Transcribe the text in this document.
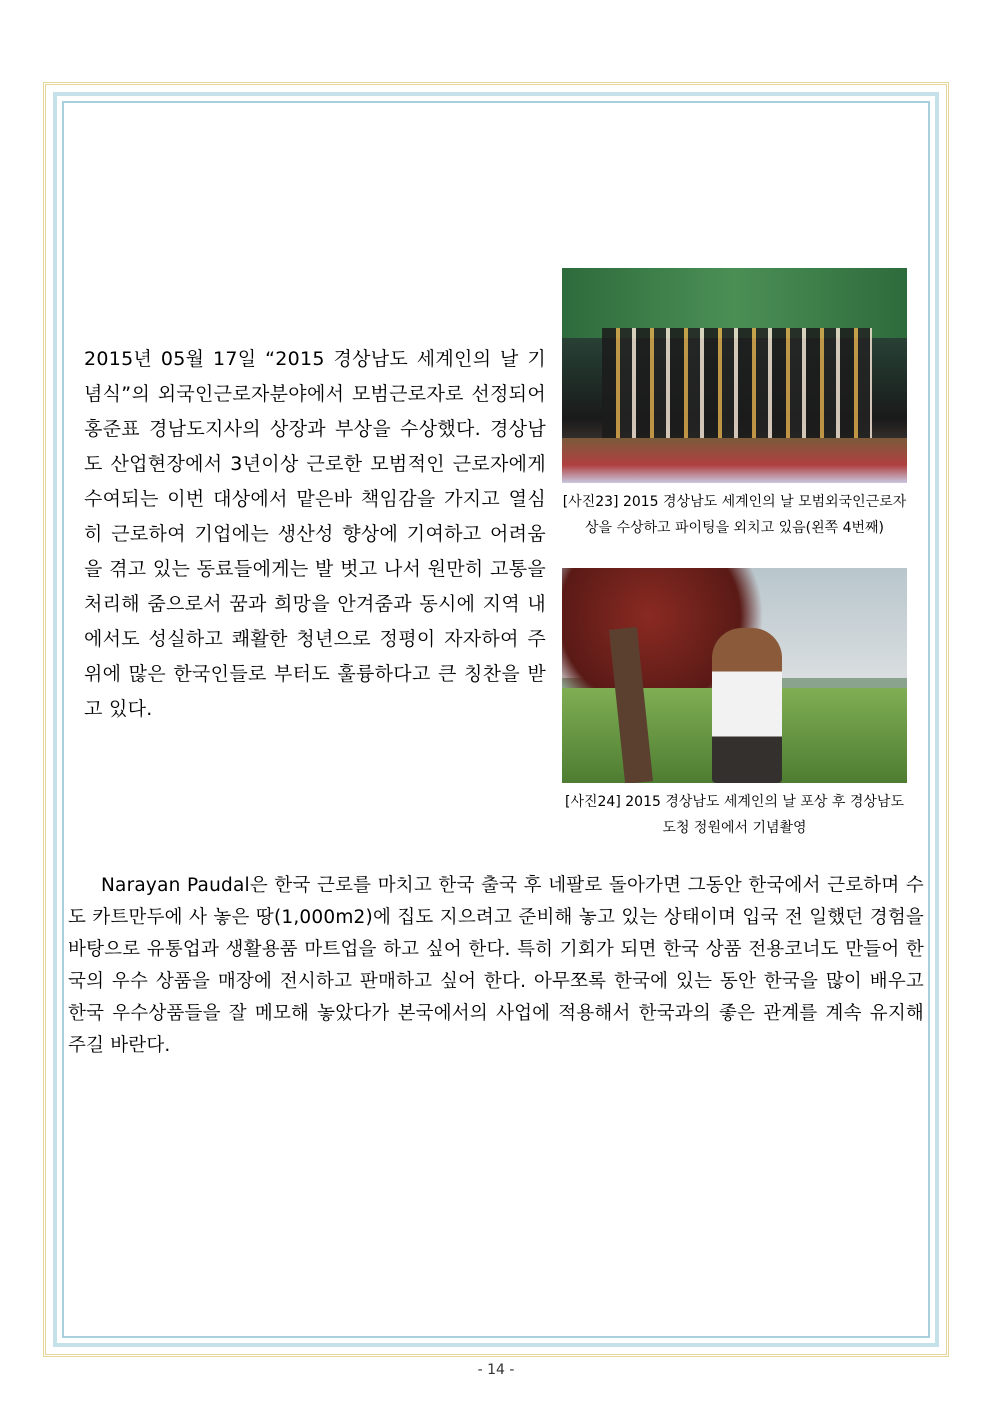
2015년 05월 17일 “2015 경상남도 세계인의 날 기념식”의 외국인근로자분야에서 모범근로자로 선정되어 홍준표 경남도지사의 상장과 부상을 수상했다. 경상남도 산업현장에서 3년이상 근로한 모범적인 근로자에게 수여되는 이번 대상에서 맡은바 책임감을 가지고 열심히 근로하여 기업에는 생산성 향상에 기여하고 어려움을 겪고 있는 동료들에게는 발 벗고 나서 원만히 고통을 처리해 줌으로서 꿈과 희망을 안겨줌과 동시에 지역 내에서도 성실하고 쾌활한 청년으로 정평이 자자하여 주위에 많은 한국인들로 부터도 훌륭하다고 큰 칭찬을 받고 있다.

[사진23] 2015 경상남도 세계인의 날 모범외국인근로자상을 수상하고 파이팅을 외치고 있음(왼쪽 4번째)

[사진24] 2015 경상남도 세계인의 날 포상 후 경상남도 도청 정원에서 기념촬영

Narayan Paudal은 한국 근로를 마치고 한국 출국 후 네팔로 돌아가면 그동안 한국에서 근로하며 수도 카트만두에 사 놓은 땅(1,000m2)에 집도 지으려고 준비해 놓고 있는 상태이며 입국 전 일했던 경험을 바탕으로 유통업과 생활용품 마트업을 하고 싶어 한다. 특히 기회가 되면 한국 상품 전용코너도 만들어 한국의 우수 상품을 매장에 전시하고 판매하고 싶어 한다. 아무쪼록 한국에 있는 동안 한국을 많이 배우고 한국 우수상품들을 잘 메모해 놓았다가 본국에서의 사업에 적용해서 한국과의 좋은 관계를 계속 유지해 주길 바란다.

- 14 -
